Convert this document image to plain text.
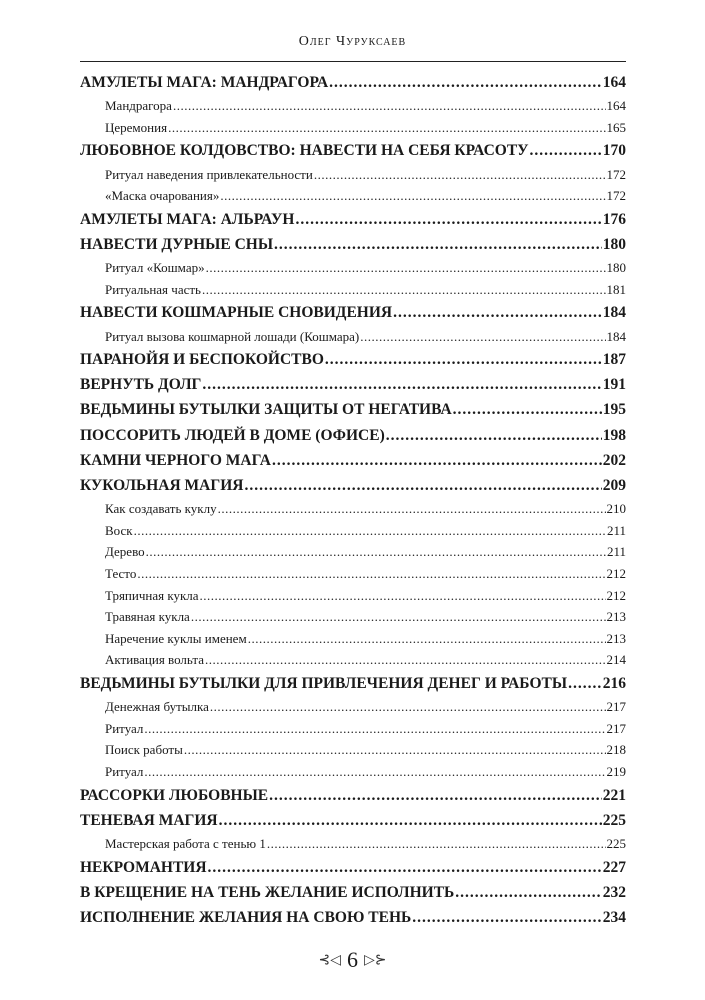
Олег Чуруксаев
АМУЛЕТЫ МАГА: МАНДРАГОРА .....	164
Мандрагора .....	164
Церемония .....	165
ЛЮБОВНОЕ КОЛДОВСТВО: НАВЕСТИ НА СЕБЯ КРАСОТУ .....	170
Ритуал наведения привлекательности .....	172
«Маска очарования» .....	172
АМУЛЕТЫ МАГА: АЛЬРАУН .....	176
НАВЕСТИ ДУРНЫЕ СНЫ .....	180
Ритуал «Кошмар» .....	180
Ритуальная часть .....	181
НАВЕСТИ КОШМАРНЫЕ СНОВИДЕНИЯ .....	184
Ритуал вызова кошмарной лошади (Кошмара) .....	184
ПАРАНОЙЯ И БЕСПОКОЙСТВО .....	187
ВЕРНУТЬ ДОЛГ .....	191
ВЕДЬМИНЫ БУТЫЛКИ ЗАЩИТЫ ОТ НЕГАТИВА .....	195
ПОССОРИТЬ ЛЮДЕЙ В ДОМЕ (ОФИСЕ) .....	198
КАМНИ ЧЕРНОГО МАГА .....	202
КУКОЛЬНАЯ МАГИЯ .....	209
Как создавать куклу .....	210
Воск .....	211
Дерево .....	211
Тесто .....	212
Тряпичная кукла .....	212
Травяная кукла .....	213
Наречение куклы именем .....	213
Активация вольта .....	214
ВЕДЬМИНЫ БУТЫЛКИ ДЛЯ ПРИВЛЕЧЕНИЯ ДЕНЕГ И РАБОТЫ ..... 216
Денежная бутылка .....	217
Ритуал .....	217
Поиск работы .....	218
Ритуал .....	219
РАССОРКИ ЛЮБОВНЫЕ .....	221
ТЕНЕВАЯ МАГИЯ .....	225
Мастерская работа с тенью 1 .....	225
НЕКРОМАНТИЯ .....	227
В КРЕЩЕНИЕ НА ТЕНЬ ЖЕЛАНИЕ ИСПОЛНИТЬ .....	232
ИСПОЛНЕНИЕ ЖЕЛАНИЯ НА СВОЮ ТЕНЬ .....	234
⊰◁ 6 ▷⊱
